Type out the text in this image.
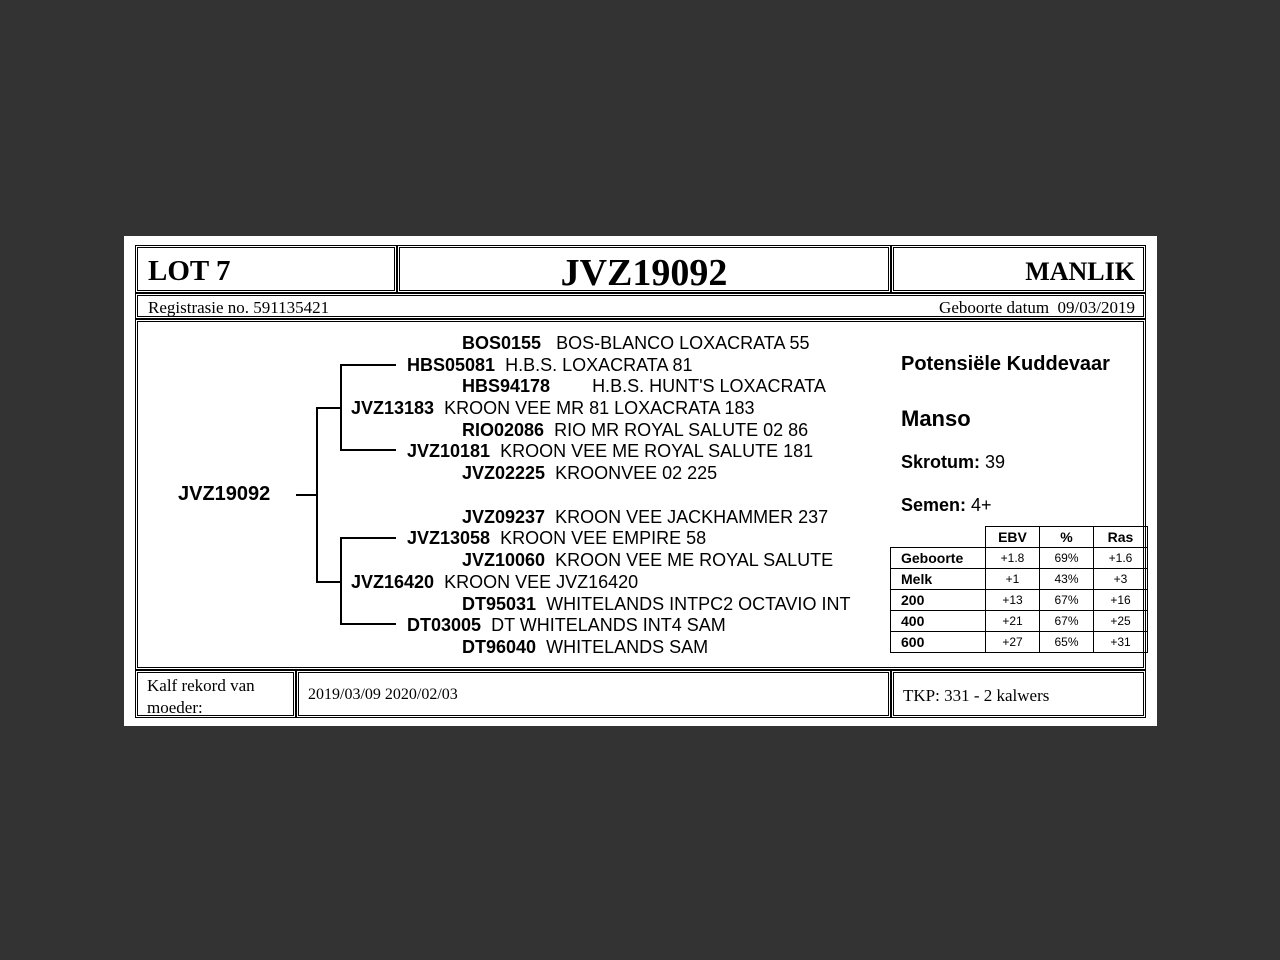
LOT 7	JVZ19092	MANLIK
Registrasie no. 591135421	Geboorte datum  09/03/2019
JVZ19092
BOS0155 BOS-BLANCO LOXACRATA 55
HBS05081 H.B.S. LOXACRATA 81
HBS94178 H.B.S. HUNT'S LOXACRATA
JVZ13183 KROON VEE MR 81 LOXACRATA 183
RIO02086 RIO MR ROYAL SALUTE 02 86
JVZ10181 KROON VEE ME ROYAL SALUTE 181
JVZ02225 KROONVEE 02 225
JVZ09237 KROON VEE JACKHAMMER 237
JVZ13058 KROON VEE EMPIRE 58
JVZ10060 KROON VEE ME ROYAL SALUTE
JVZ16420 KROON VEE JVZ16420
DT95031 WHITELANDS INTPC2 OCTAVIO INT
DT03005 DT WHITELANDS INT4 SAM
DT96040 WHITELANDS SAM
Potensiële Kuddevaar
Manso
Skrotum: 39
Semen: 4+
	EBV	%	Ras
Geboorte	+1.8	69%	+1.6
Melk	+1	43%	+3
200	+13	67%	+16
400	+21	67%	+25
600	+27	65%	+31
Kalf rekord van moeder:
2019/03/09 2020/02/03	TKP: 331 - 2 kalwers
